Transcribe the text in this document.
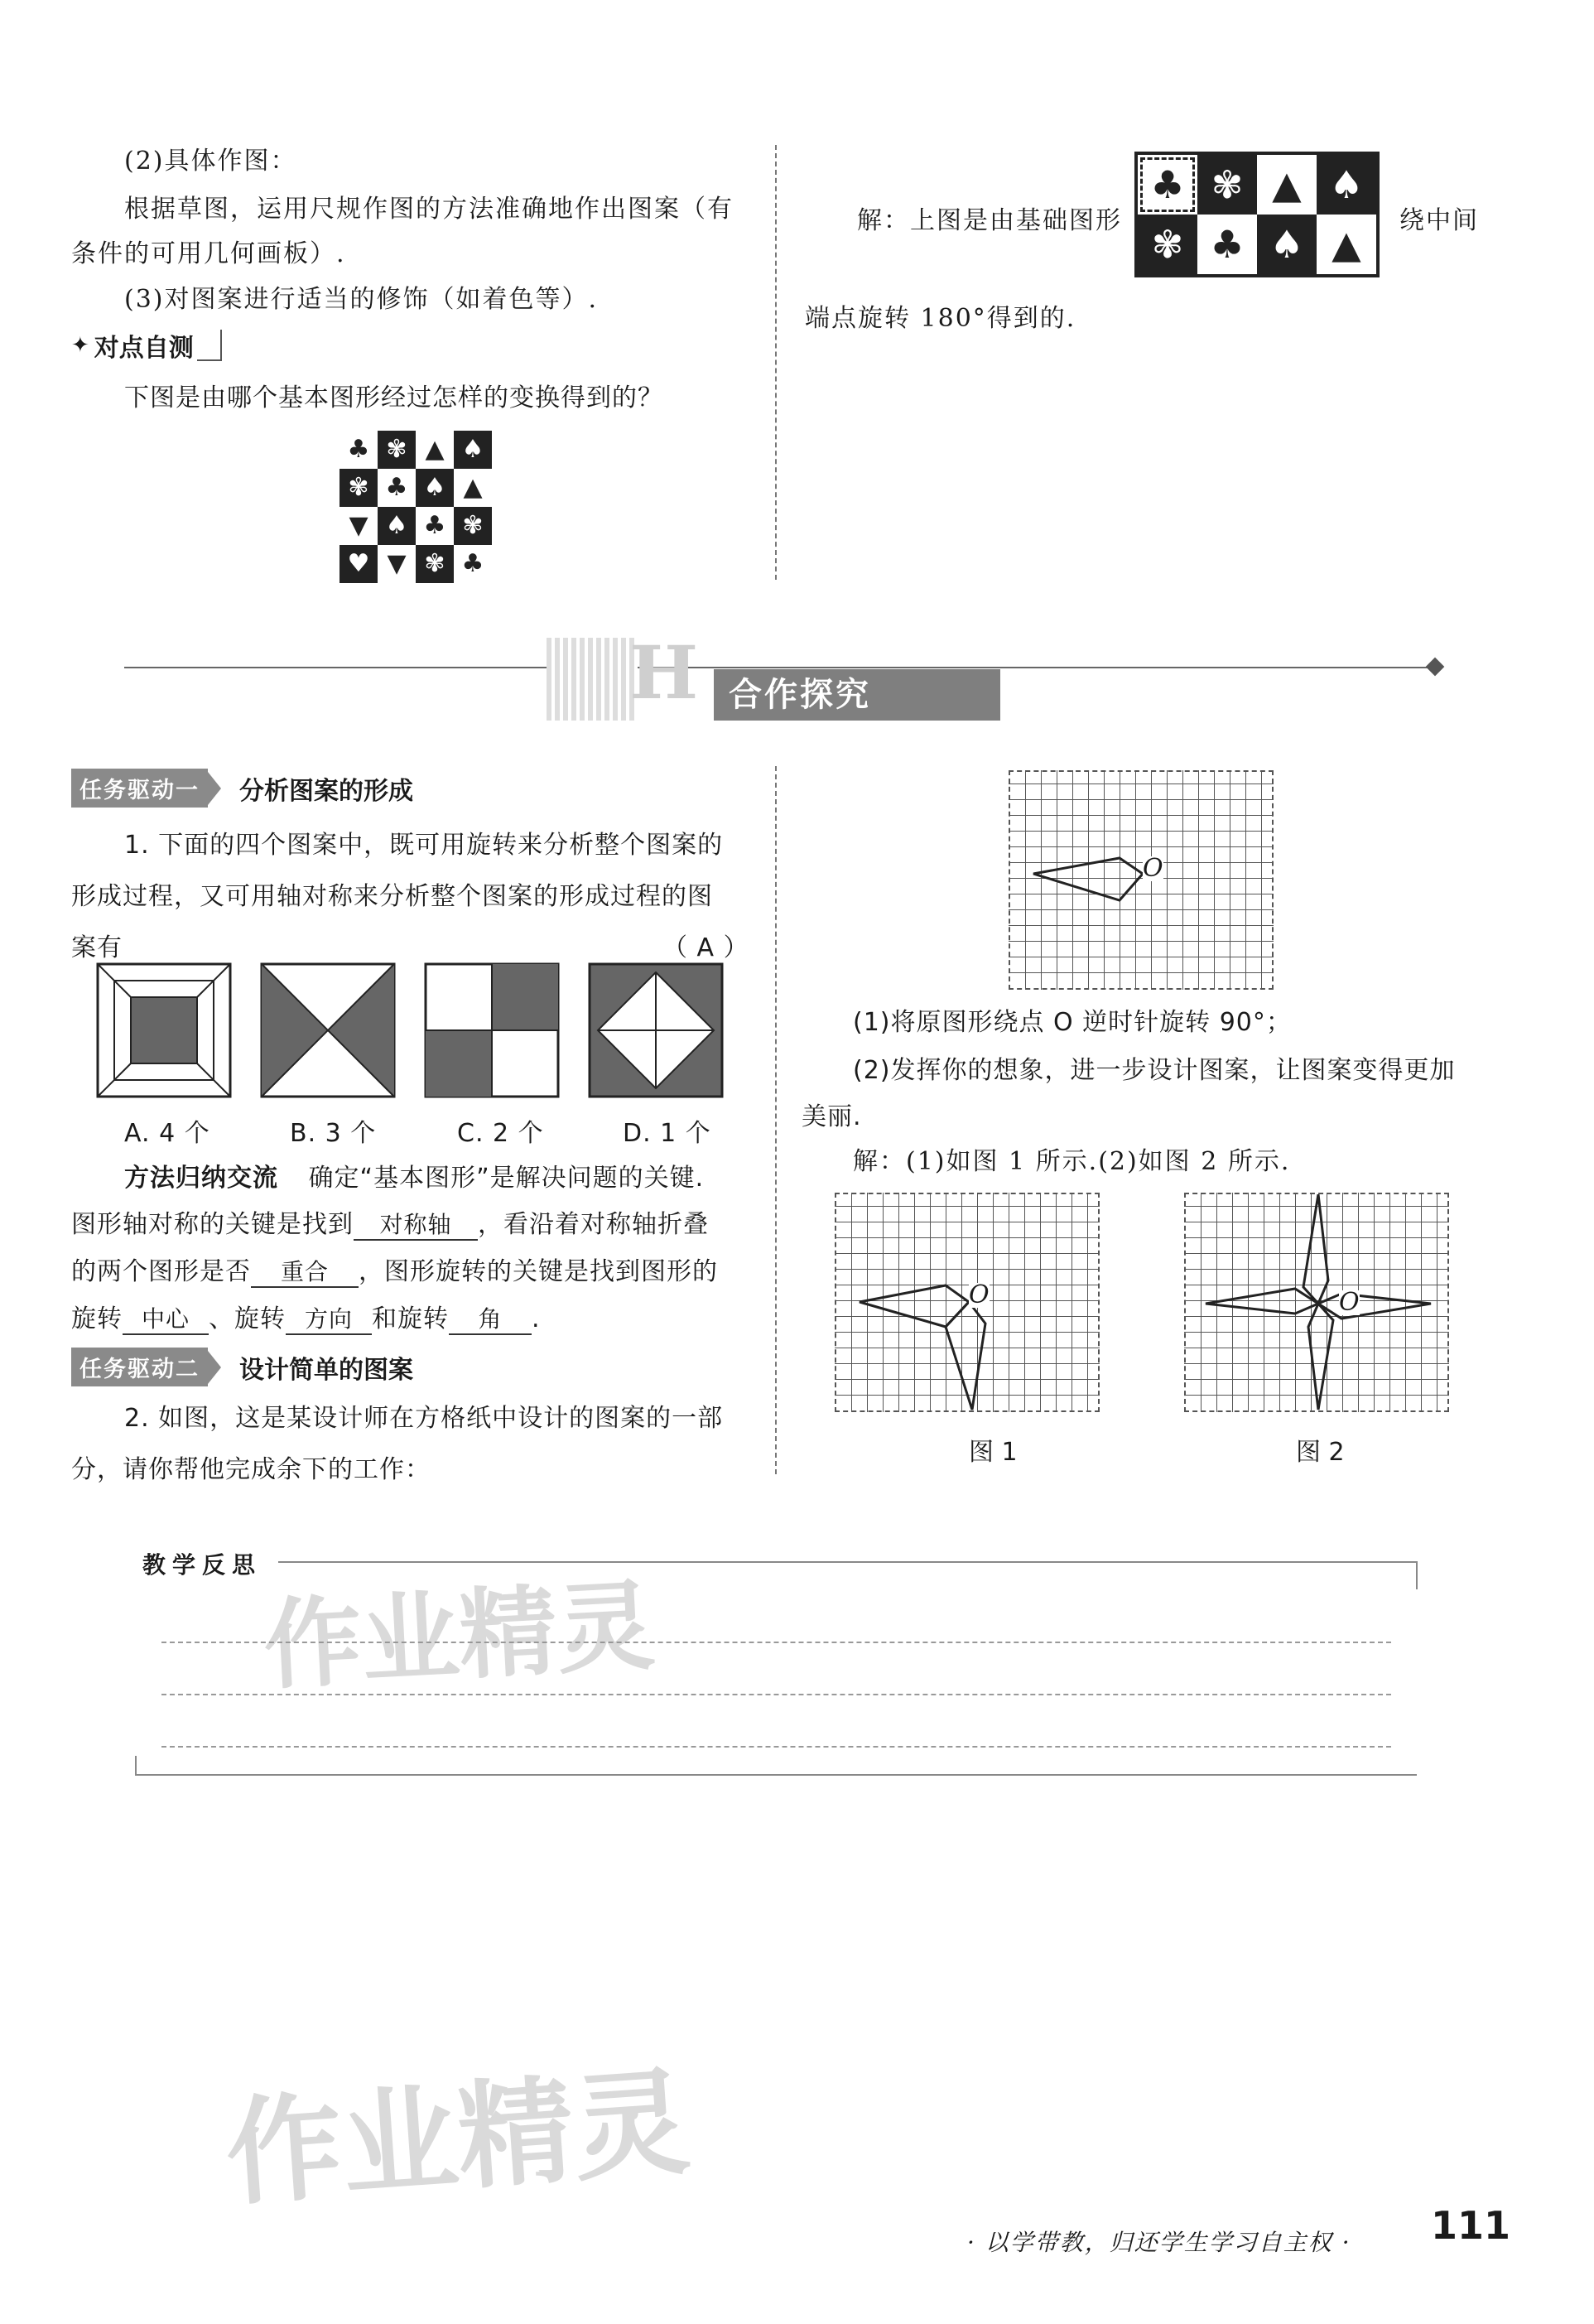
(2)具体作图：
根据草图，运用尺规作图的方法准确地作出图案（有
条件的可用几何画板）.
(3)对图案进行适当的修饰（如着色等）.
✦ 对点自测
下图是由哪个基本图形经过怎样的变换得到的？
♣ ✾ ▲ ♠
✾ ♣ ♠ ▲
▼ ♠ ♣ ✾
♥ ▼ ✾ ♣
解：上图是由基础图形
♣ ✾ ▲ ♠
✾ ♣ ♠ ▲
绕中间
端点旋转 180°得到的.
H 合作探究
任务驱动一	分析图案的形成
1. 下面的四个图案中，既可用旋转来分析整个图案的
形成过程，又可用轴对称来分析整个图案的形成过程的图
案有	（ A ）
A. 4 个	B. 3 个	C. 2 个	D. 1 个
方法归纳交流 确定“基本图形”是解决问题的关键.
图形轴对称的关键是找到 对称轴 ，看沿着对称轴折叠
的两个图形是否 重合 ，图形旋转的关键是找到图形的
旋转 中心 、旋转 方向 和旋转 角 .
任务驱动二	设计简单的图案
2. 如图，这是某设计师在方格纸中设计的图案的一部
分，请你帮他完成余下的工作：
O
(1)将原图形绕点 O 逆时针旋转 90°；
(2)发挥你的想象，进一步设计图案，让图案变得更加
美丽.
解：(1)如图 1 所示.(2)如图 2 所示.
O	O
图 1	图 2
教学反思
作业精灵
作业精灵
· 以学带教，归还学生学习自主权 · 111
